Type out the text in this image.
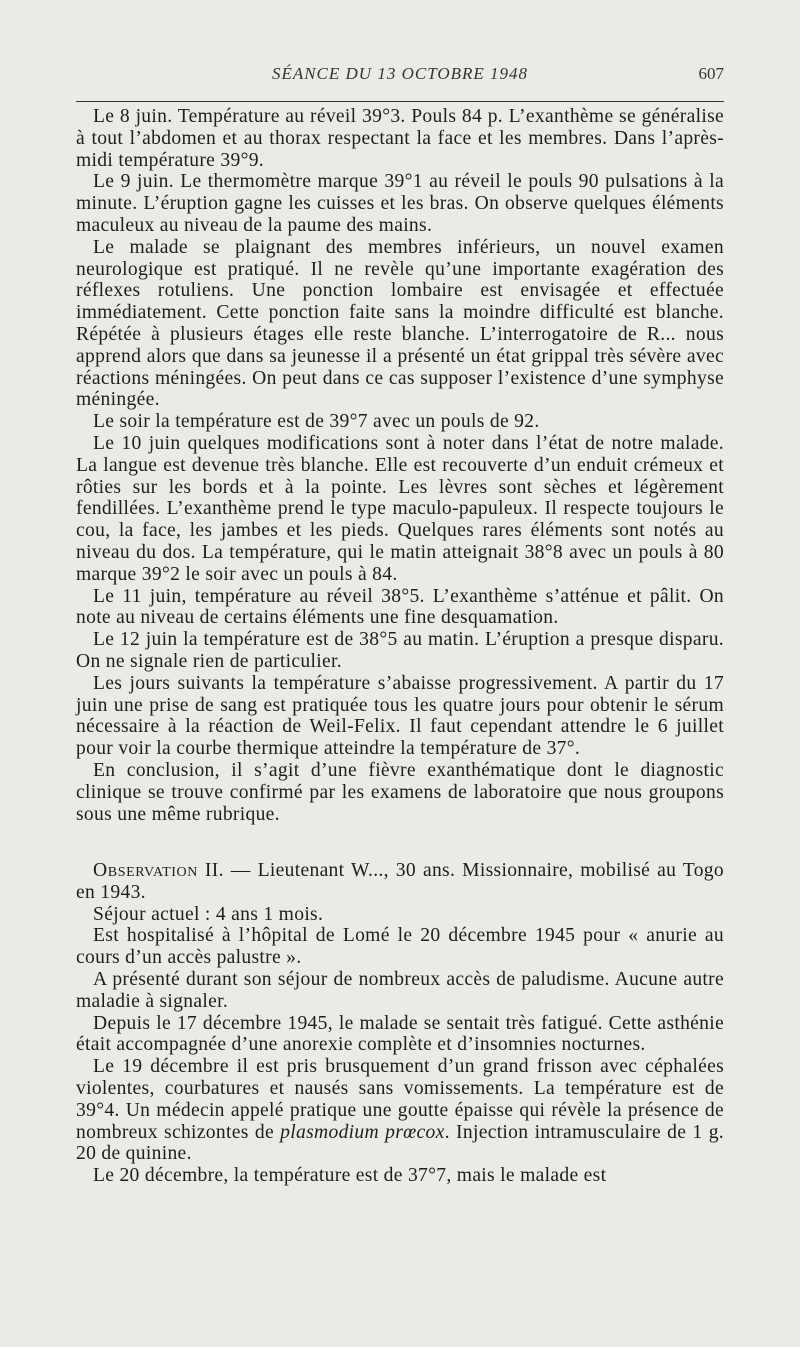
SÉANCE DU 13 OCTOBRE 1948	607

Le 8 juin. Température au réveil 39°3. Pouls 84 p. L’exanthème se généralise à tout l’abdomen et au thorax respectant la face et les membres. Dans l’après-midi température 39°9.

Le 9 juin. Le thermomètre marque 39°1 au réveil le pouls 90 pulsations à la minute. L’éruption gagne les cuisses et les bras. On observe quelques éléments maculeux au niveau de la paume des mains.

Le malade se plaignant des membres inférieurs, un nouvel examen neurologique est pratiqué. Il ne revèle qu’une importante exagération des réflexes rotuliens. Une ponction lombaire est envisagée et effectuée immédiatement. Cette ponction faite sans la moindre difficulté est blanche. Répétée à plusieurs étages elle reste blanche. L’interrogatoire de R... nous apprend alors que dans sa jeunesse il a présenté un état grippal très sévère avec réactions méningées. On peut dans ce cas supposer l’existence d’une symphyse méningée.

Le soir la température est de 39°7 avec un pouls de 92.

Le 10 juin quelques modifications sont à noter dans l’état de notre malade. La langue est devenue très blanche. Elle est recouverte d’un enduit crémeux et rôties sur les bords et à la pointe. Les lèvres sont sèches et légèrement fendillées. L’exanthème prend le type maculo-papuleux. Il respecte toujours le cou, la face, les jambes et les pieds. Quelques rares éléments sont notés au niveau du dos. La température, qui le matin atteignait 38°8 avec un pouls à 80 marque 39°2 le soir avec un pouls à 84.

Le 11 juin, température au réveil 38°5. L’exanthème s’atténue et pâlit. On note au niveau de certains éléments une fine desquamation.

Le 12 juin la température est de 38°5 au matin. L’éruption a presque disparu. On ne signale rien de particulier.

Les jours suivants la température s’abaisse progressivement. A partir du 17 juin une prise de sang est pratiquée tous les quatre jours pour obtenir le sérum nécessaire à la réaction de Weil-Felix. Il faut cependant attendre le 6 juillet pour voir la courbe thermique atteindre la température de 37°.

En conclusion, il s’agit d’une fièvre exanthématique dont le diagnostic clinique se trouve confirmé par les examens de laboratoire que nous groupons sous une même rubrique.

Observation II. — Lieutenant W..., 30 ans. Missionnaire, mobilisé au Togo en 1943.

Séjour actuel : 4 ans 1 mois.

Est hospitalisé à l’hôpital de Lomé le 20 décembre 1945 pour « anurie au cours d’un accès palustre ».

A présenté durant son séjour de nombreux accès de paludisme. Aucune autre maladie à signaler.

Depuis le 17 décembre 1945, le malade se sentait très fatigué. Cette asthénie était accompagnée d’une anorexie complète et d’insomnies nocturnes.

Le 19 décembre il est pris brusquement d’un grand frisson avec céphalées violentes, courbatures et nausés sans vomissements. La température est de 39°4. Un médecin appelé pratique une goutte épaisse qui révèle la présence de nombreux schizontes de plasmodium prœcox. Injection intramusculaire de 1 g. 20 de quinine.

Le 20 décembre, la température est de 37°7, mais le malade est
